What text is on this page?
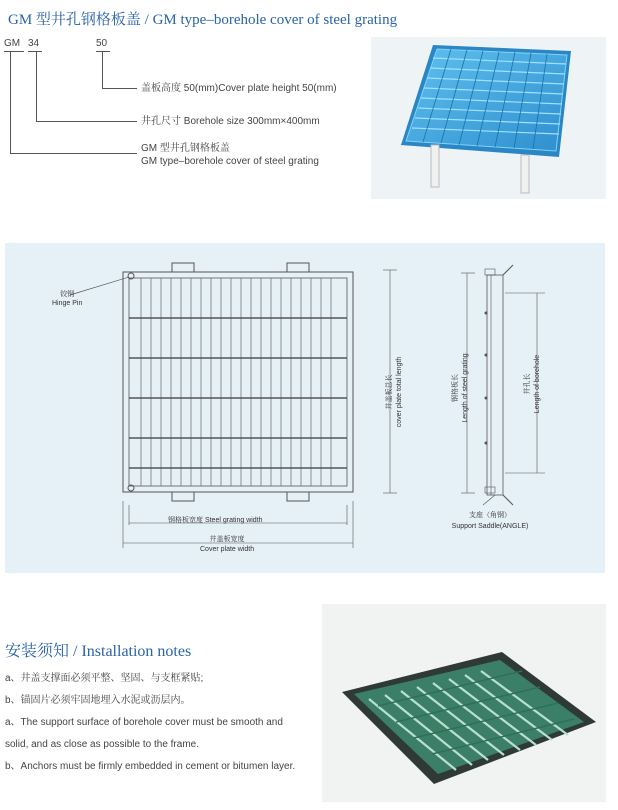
GM 型井孔钢格板盖 / GM type–borehole cover of steel grating
GM 34	50
盖板高度 50(mm)Cover plate height 50(mm)
井孔尺寸 Borehole size 300mm×400mm
GM 型井孔钢格板盖
GM type–borehole cover of steel grating
铰钢
Hinge Pin
钢格板宽度 Steel grating width
井盖板宽度
Cover plate width
井盖板总长 cover plate total length	钢格板长 Length of steel grating	井孔长 Length of borehole
支座（角钢）
Support Saddle(ANGLE)
安装须知 / Installation notes
a、井盖支撑面必须平整、坚固、与支框紧贴;
b、锚固片必须牢固地埋入水泥或沥层内。
a、The support surface of borehole cover must be smooth and solid, and as close as possible to the frame.
b、Anchors must be firmly embedded in cement or bitumen layer.
